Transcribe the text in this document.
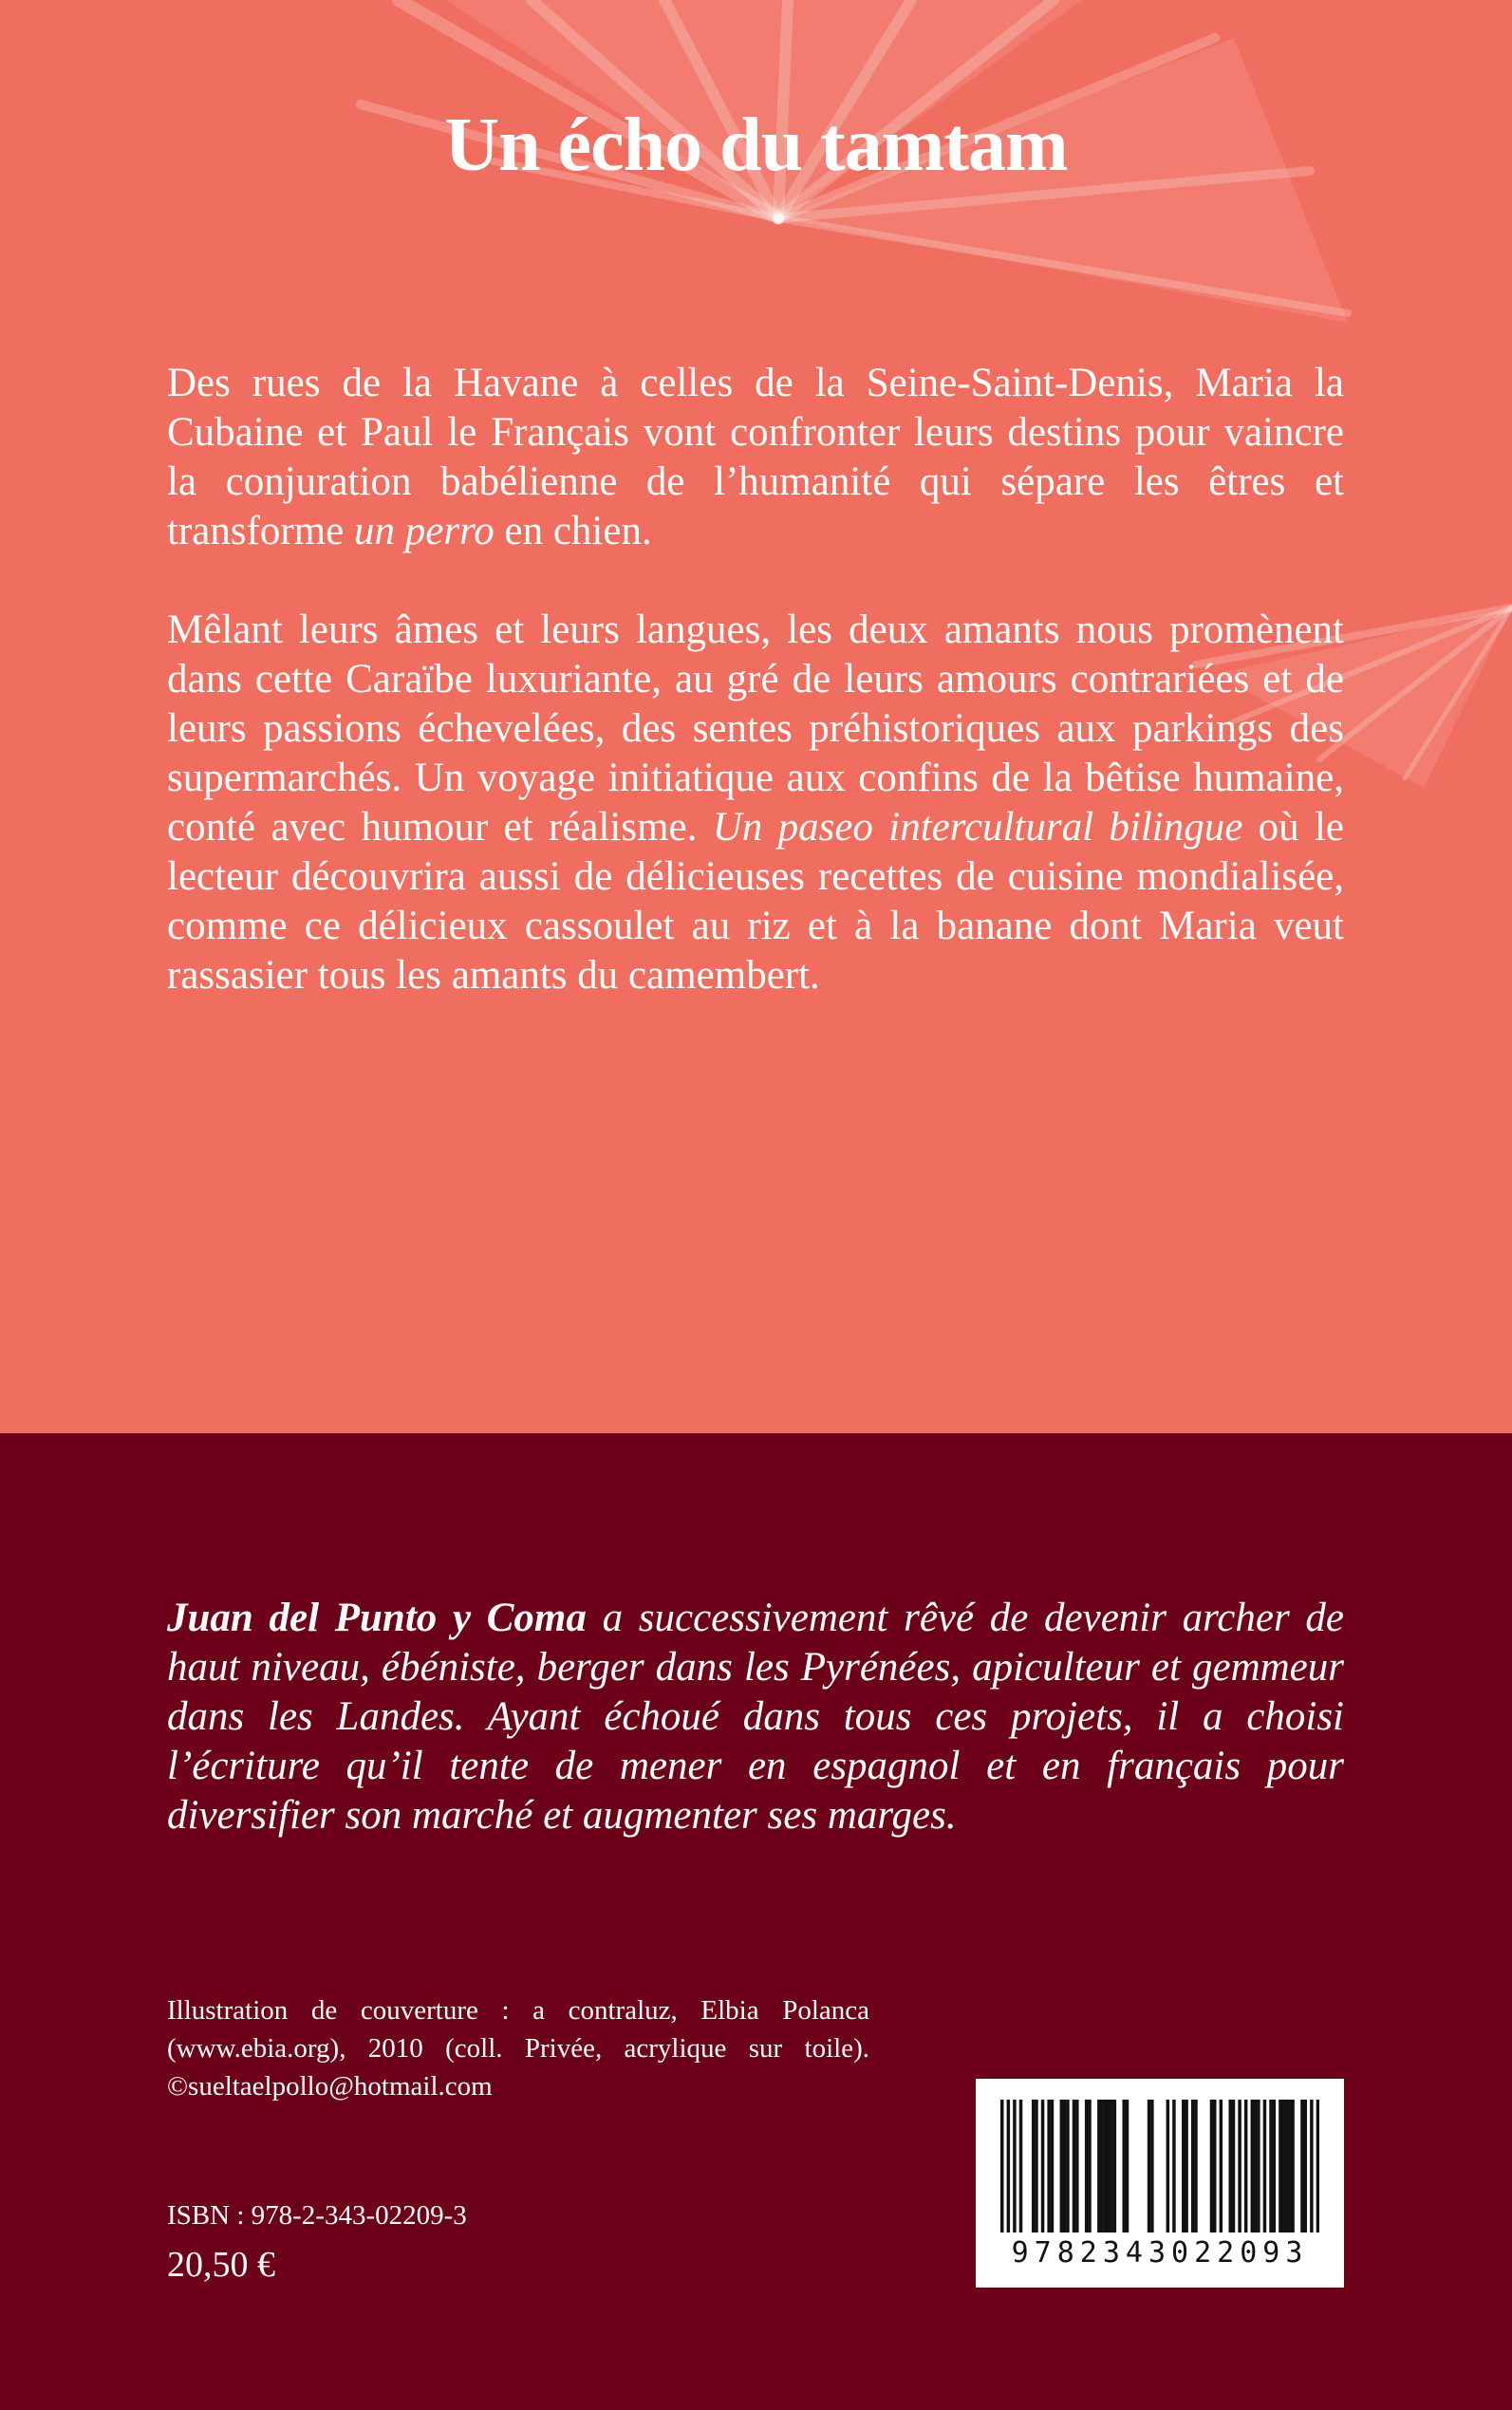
Un écho du tamtam

Des rues de la Havane à celles de la Seine-Saint-Denis, Maria la Cubaine et Paul le Français vont confronter leurs destins pour vaincre la conjuration babélienne de l’humanité qui sépare les êtres et transforme un perro en chien.

Mêlant leurs âmes et leurs langues, les deux amants nous promènent dans cette Caraïbe luxuriante, au gré de leurs amours contrariées et de leurs passions échevelées, des sentes préhistoriques aux parkings des supermarchés. Un voyage initiatique aux confins de la bêtise humaine, conté avec humour et réalisme. Un paseo intercultural bilingue où le lecteur découvrira aussi de délicieuses recettes de cuisine mondialisée, comme ce délicieux cassoulet au riz et à la banane dont Maria veut rassasier tous les amants du camembert.

Juan del Punto y Coma a successivement rêvé de devenir archer de haut niveau, ébéniste, berger dans les Pyrénées, apiculteur et gemmeur dans les Landes. Ayant échoué dans tous ces projets, il a choisi l’écriture qu’il tente de mener en espagnol et en français pour diversifier son marché et augmenter ses marges.

Illustration de couverture : a contraluz, Elbia Polanca (www.ebia.org), 2010 (coll. Privée, acrylique sur toile). ©sueltaelpollo@hotmail.com

ISBN : 978-2-343-02209-3

20,50 €	9782343022093
